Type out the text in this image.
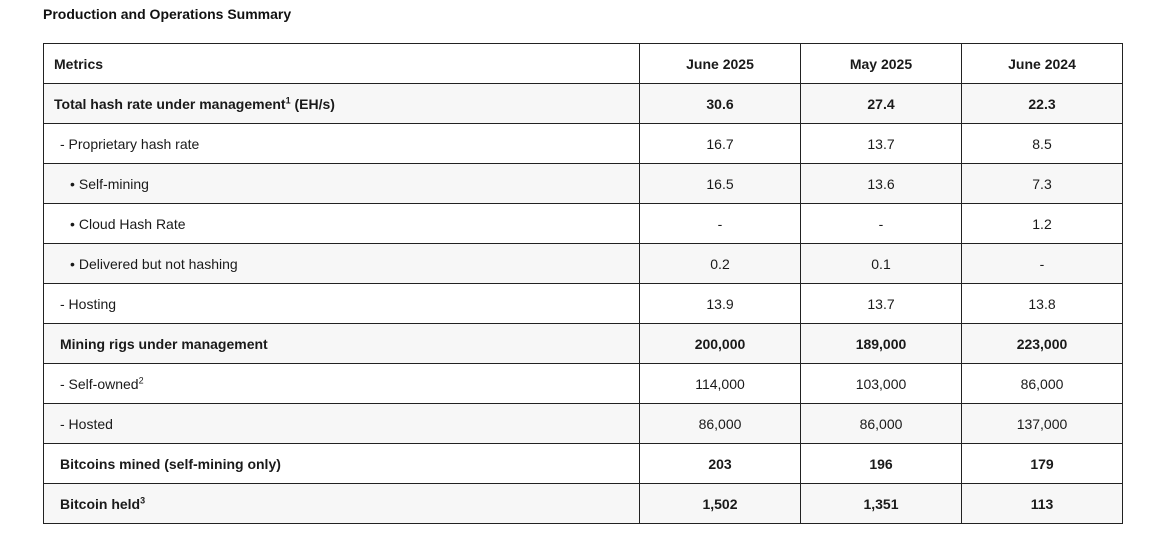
Production and Operations Summary
Metrics	June 2025	May 2025	June 2024
Total hash rate under management$^1$ (EH/s)	30.6	27.4	22.3
- Proprietary hash rate	16.7	13.7	8.5
• Self-mining	16.5	13.6	7.3
• Cloud Hash Rate	-	-	1.2
• Delivered but not hashing	0.2	0.1	-
- Hosting	13.9	13.7	13.8
Mining rigs under management	200,000	189,000	223,000
- Self-owned$^2$	114,000	103,000	86,000
- Hosted	86,000	86,000	137,000
Bitcoins mined (self-mining only)	203	196	179
Bitcoin held$^3$	1,502	1,351	113
